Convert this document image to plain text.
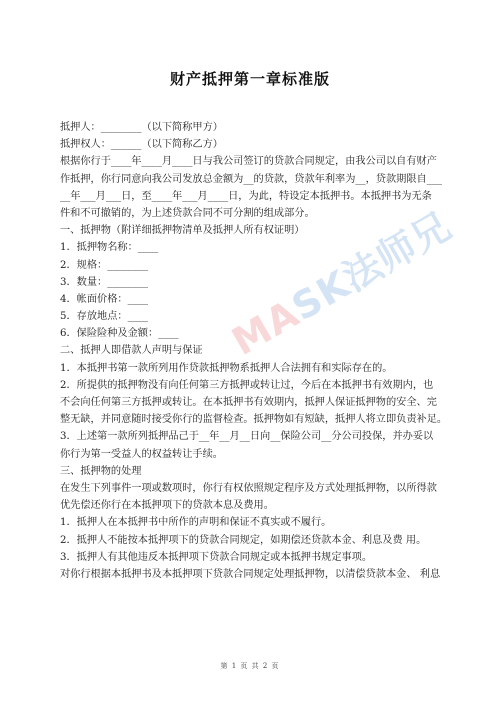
财产抵押第一章标准版
抵押人：________（以下简称甲方）
抵押权人：______（以下简称乙方）
根据你行于____年____月____日与我公司签订的贷款合同规定，由我公司以自有财产
作抵押，你行同意向我公司发放总金额为__的贷款，贷款年利率为__，贷款期限自___
__年___月___日，至____年___月____日，为此，特设定本抵押书。本抵押书为无条
件和不可撤销的，为上述贷款合同不可分割的组成部分。
一、抵押物（附详细抵押物清单及抵押人所有权证明）
1．抵押物名称：____
2．规格：________
3．数量：________
4．帐面价格：____
5．存放地点：____
6．保险险种及金额：____
二、抵押人即借款人声明与保证
1．本抵押书第一款所列用作贷款抵押物系抵押人合法拥有和实际存在的。
2．所提供的抵押物没有向任何第三方抵押或转让过，今后在本抵押书有效期内，也
不会向任何第三方抵押或转让。在本抵押书有效期内，抵押人保证抵押物的安全、完
整无缺，并同意随时接受你行的监督检查。抵押物如有短缺，抵押人将立即负责补足。
3．上述第一款所列抵押品己于__年__月__日向__保险公司__分公司投保，并办妥以
你行为第一受益人的权益转让手续。
三、抵押物的处理
在发生下列事件一项或数项时，你行有权依照规定程序及方式处理抵押物，以所得款
优先偿还你行在本抵押项下的贷款本息及费用。
1．抵押人在本抵押书中所作的声明和保证不真实或不履行。
2．抵押人不能按本抵押项下的贷款合同规定，如期偿还贷款本金、利息及费 用。
3．抵押人有其他违反本抵押项下贷款合同规定或本抵押书规定事项。
对你行根据本抵押书及本抵押项下贷款合同规定处理抵押物，以清偿贷款本金、 利息
MASK法师兄
第 1 页 共 2 页
